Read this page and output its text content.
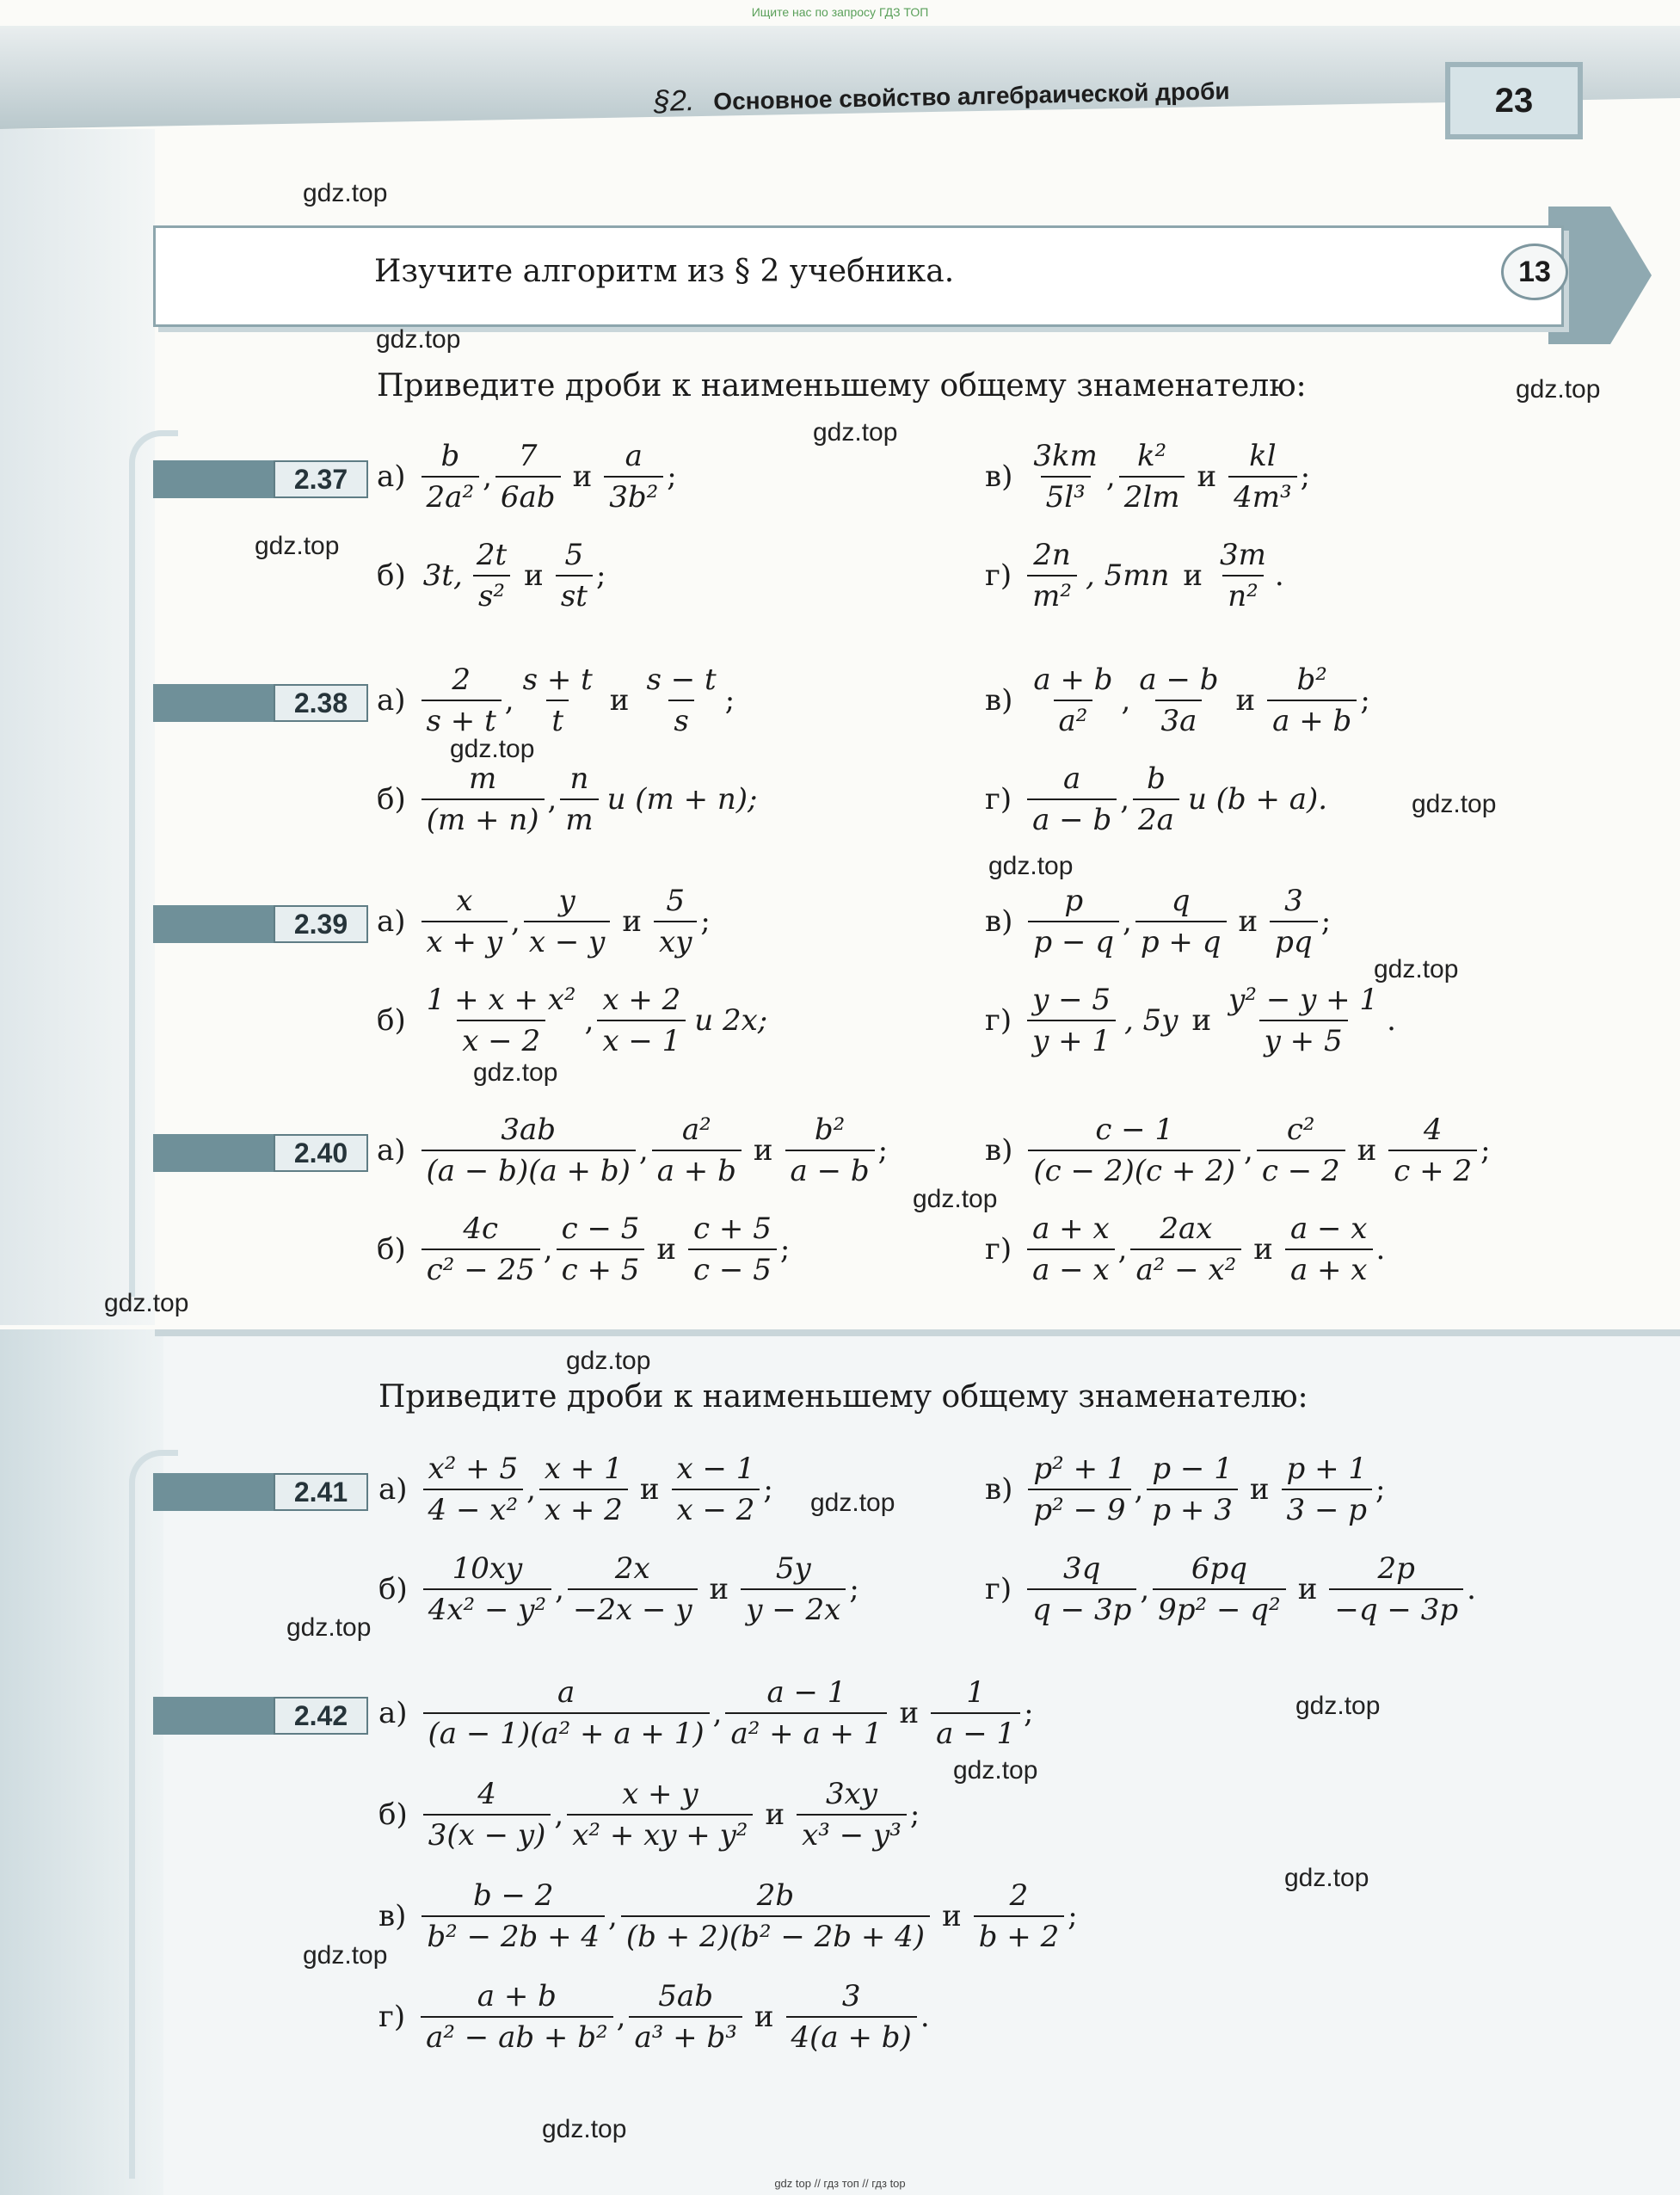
Ищите нас по запросу ГДЗ ТОП
§2. Основное свойство алгебраической дроби	23
Изучите алгоритм из § 2 учебника.	13
Приведите дроби к наименьшему общему знаменателю:
2.37 $а) \frac{b}{\text{2a²}}$ , $\frac{7}{6ab}$ и $\frac{a}{\text{3b²}}$ ;
б) 3t, $\frac{2t}{\text{s²}}$ и $\frac{5}{st}$ ;
$в) \frac{3km}{\text{5l³}}$ , $\frac{\text{k²}}{2lm}$ и $\frac{kl}{\text{4m³}}$ ;
$г) \frac{2n}{\text{m²}}$ , 5mn и $\frac{3m}{\text{n²}}$ .
2.38 $а) \frac{2}{s + t}$ , $\frac{s + t}{t}$ и $\frac{s - t}{s}$ ;
$б) \frac{m}{(m + n)}$ , $\frac{n}{m}$ и (m + n);
$в) \frac{a + b}{\text{a²}}$ , $\frac{a - b}{3a}$ и $\frac{\text{b²}}{a + b}$ ;
$г) \frac{a}{a - b}$ , $\frac{b}{2a}$ и (b + a).
2.39 $а) \frac{x}{x + y}$ , $\frac{y}{x - y}$ и $\frac{5}{xy}$ ;
$б) \frac{\text{1 + x + x²}}{x - 2}$ , $\frac{x + 2}{x - 1}$ и 2x;
$в) \frac{p}{p - q}$ , $\frac{q}{p + q}$ и $\frac{3}{pq}$ ;
$г) \frac{y - 5}{y + 1}$ , 5y и $\frac{\text{y² − y + 1}}{y + 5}$ .
2.40 $а) \frac{3ab}{(a - b)(a + b)}$ , $\frac{\text{a²}}{a + b}$ и $\frac{\text{b²}}{a - b}$ ;
$б) \frac{4c}{\text{c² − 25}}$ , $\frac{c - 5}{c + 5}$ и $\frac{c + 5}{c - 5}$ ;
$в) \frac{c - 1}{(c - 2)(c + 2)}$ , $\frac{\text{c²}}{c - 2}$ и $\frac{4}{c + 2}$ ;
$г) \frac{a + x}{a - x}$ , $\frac{2ax}{\text{a² − x²}}$ и $\frac{a - x}{a + x}$ .
Приведите дроби к наименьшему общему знаменателю:
2.41	$а) \frac{\text{x² + 5}}{\text{4 − x²}}$ , $\frac{x + 1}{x + 2}$ и $\frac{x - 1}{x - 2}$ ;
$б) \frac{10xy}{\text{4x² − y²}}$ , $\frac{2x}{-2x - y}$ и $\frac{5y}{y - 2x}$ ;
$в) \frac{\text{p² + 1}}{\text{p² − 9}}$ , $\frac{p - 1}{p + 3}$ и $\frac{p + 1}{3 - p}$ ;
$г) \frac{3q}{q - 3p}$ , $\frac{6pq}{\text{9p² − q²}}$ и $\frac{2p}{-q - 3p}$ .
2.42	$а) \frac{a}{\text{(a − 1)(a² + a + 1)}}$ , $\frac{a - 1}{\text{a² + a + 1}}$ и $\frac{1}{a - 1}$ ;
$б) \frac{4}{3(x - y)}$ , $\frac{x + y}{\text{x² + xy + y²}}$ и $\frac{3xy}{\text{x³ − y³}}$ ;
$в) \frac{b - 2}{\text{b² − 2b + 4}}$ , $\frac{2b}{\text{(b + 2)(b² − 2b + 4)}}$ и $\frac{2}{b + 2}$ ;
$г) \frac{a + b}{\text{a² − ab + b²}}$ , $\frac{5ab}{\text{a³ + b³}}$ и $\frac{3}{4(a + b)}$ .
gdz.top
gdz.top
gdz.top
gdz.top
gdz.top
gdz.top
gdz.top
gdz.top
gdz.top
gdz.top
gdz.top
gdz.top
gdz.top
gdz.top
gdz.top
gdz.top
gdz.top
gdz.top
gdz.top
gdz.top
gdz top // гдз топ // гдз top
